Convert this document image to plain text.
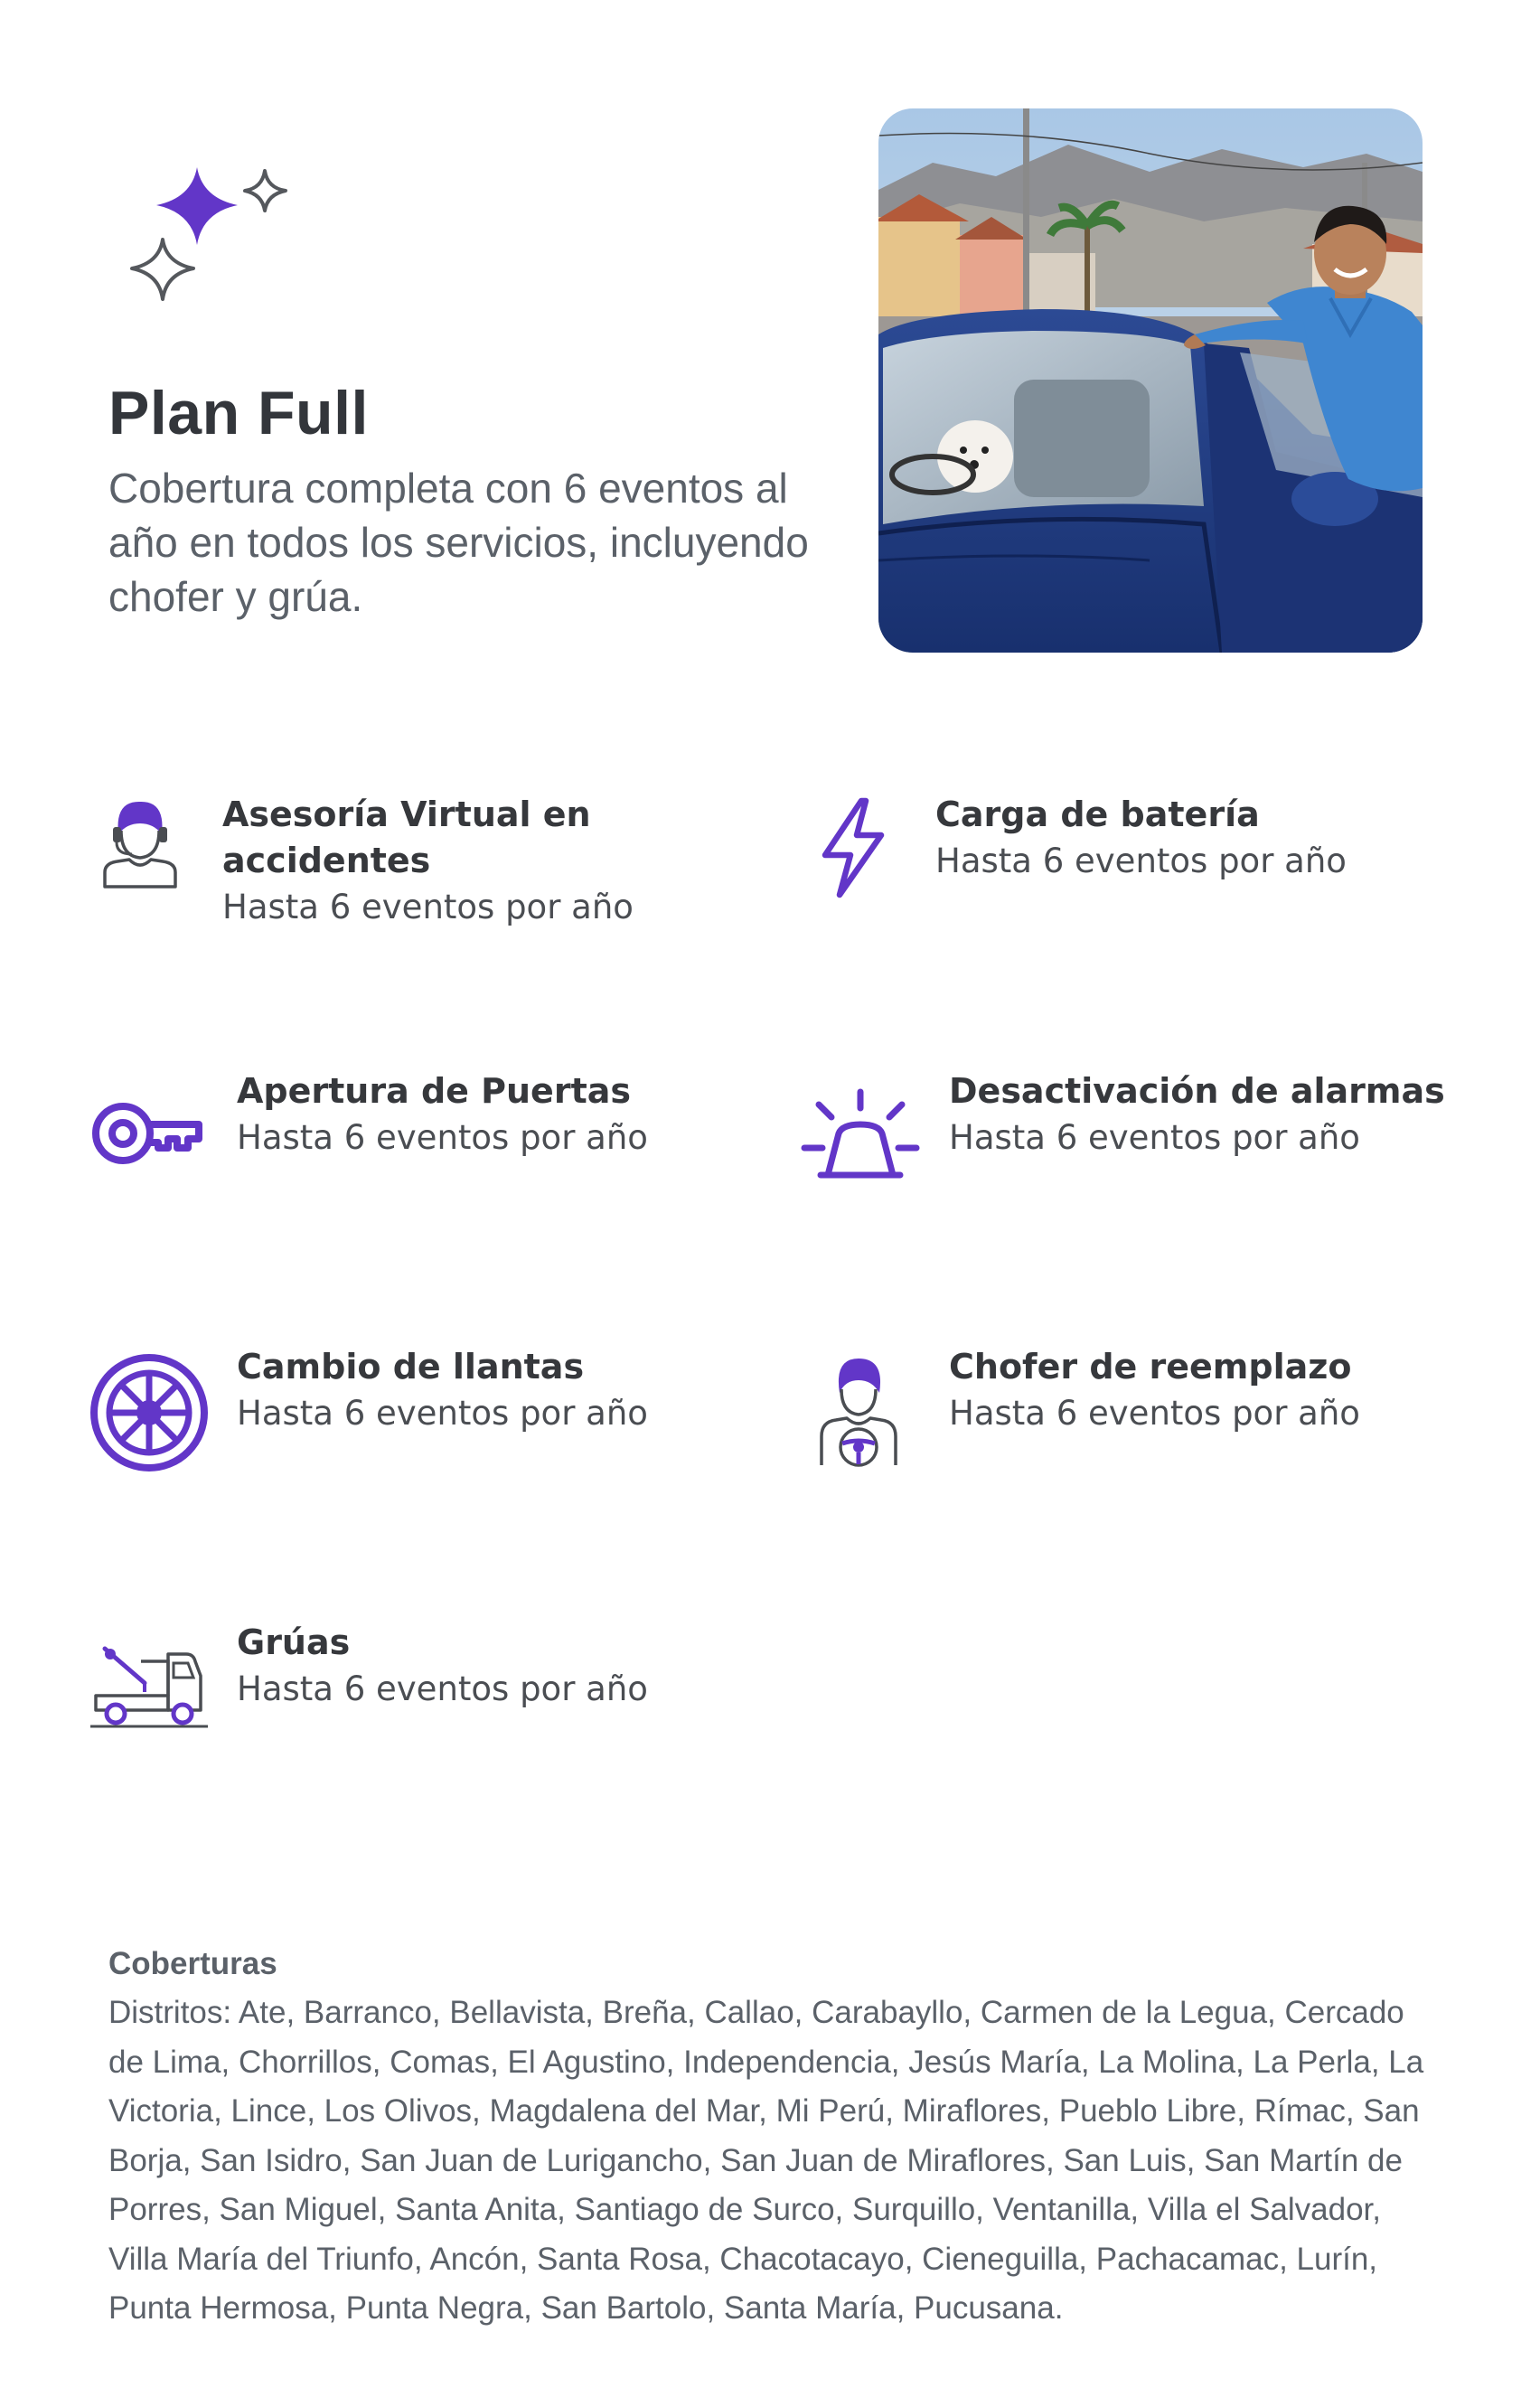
Plan Full

Cobertura completa con 6 eventos al año en todos los servicios, incluyendo chofer y grúa.

Asesoría Virtual en accidentes
Hasta 6 eventos por año
Carga de batería
Hasta 6 eventos por año
Apertura de Puertas
Hasta 6 eventos por año
Desactivación de alarmas
Hasta 6 eventos por año
Cambio de llantas
Hasta 6 eventos por año
Chofer de reemplazo
Hasta 6 eventos por año
Grúas
Hasta 6 eventos por año
Coberturas
Distritos: Ate, Barranco, Bellavista, Breña, Callao, Carabayllo, Carmen de la Legua, Cercado de Lima, Chorrillos, Comas, El Agustino, Independencia, Jesús María, La Molina, La Perla, La Victoria, Lince, Los Olivos, Magdalena del Mar, Mi Perú, Miraflores, Pueblo Libre, Rímac, San Borja, San Isidro, San Juan de Lurigancho, San Juan de Miraflores, San Luis, San Martín de Porres, San Miguel, Santa Anita, Santiago de Surco, Surquillo, Ventanilla, Villa el Salvador, Villa María del Triunfo, Ancón, Santa Rosa, Chacotacayo, Cieneguilla, Pachacamac, Lurín, Punta Hermosa, Punta Negra, San Bartolo, Santa María, Pucusana.
